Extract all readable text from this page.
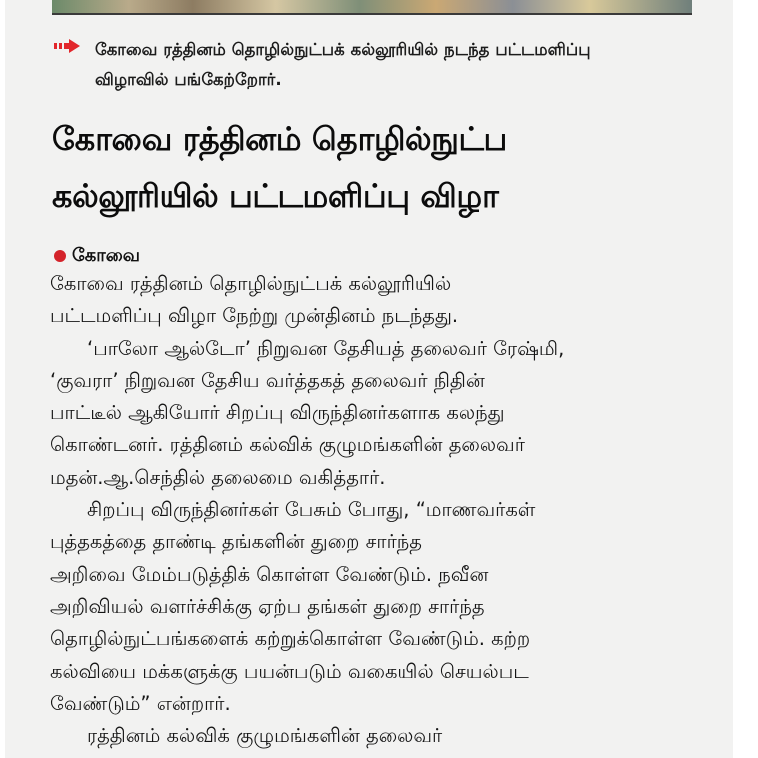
கோவை ரத்தினம் தொழில்நுட்பக் கல்லூரியில் நடந்த பட்டமளிப்பு
விழாவில் பங்கேற்றோர்.
கோவை ரத்தினம் தொழில்நுட்ப
கல்லூரியில் பட்டமளிப்பு விழா
கோவை
கோவை ரத்தினம் தொழில்நுட்பக் கல்லூரியில்
பட்டமளிப்பு விழா நேற்று முன்தினம் நடந்தது.
‘பாலோ ஆல்டோ’ நிறுவன தேசியத் தலைவர் ரேஷ்மி,
‘குவரா’ நிறுவன தேசிய வர்த்தகத் தலைவர் நிதின்
பாட்டீல் ஆகியோர் சிறப்பு விருந்தினர்களாக கலந்து
கொண்டனர். ரத்தினம் கல்விக் குழுமங்களின் தலைவர்
மதன்.ஆ.செந்தில் தலைமை வகித்தார்.
சிறப்பு விருந்தினர்கள் பேசும் போது, “மாணவர்கள்
புத்தகத்தை தாண்டி தங்களின் துறை சார்ந்த
அறிவை மேம்படுத்திக் கொள்ள வேண்டும். நவீன
அறிவியல் வளர்ச்சிக்கு ஏற்ப தங்கள் துறை சார்ந்த
தொழில்நுட்பங்களைக் கற்றுக்கொள்ள வேண்டும். கற்ற
கல்வியை மக்களுக்கு பயன்படும் வகையில் செயல்பட
வேண்டும்” என்றார்.
ரத்தினம் கல்விக் குழுமங்களின் தலைவர்
